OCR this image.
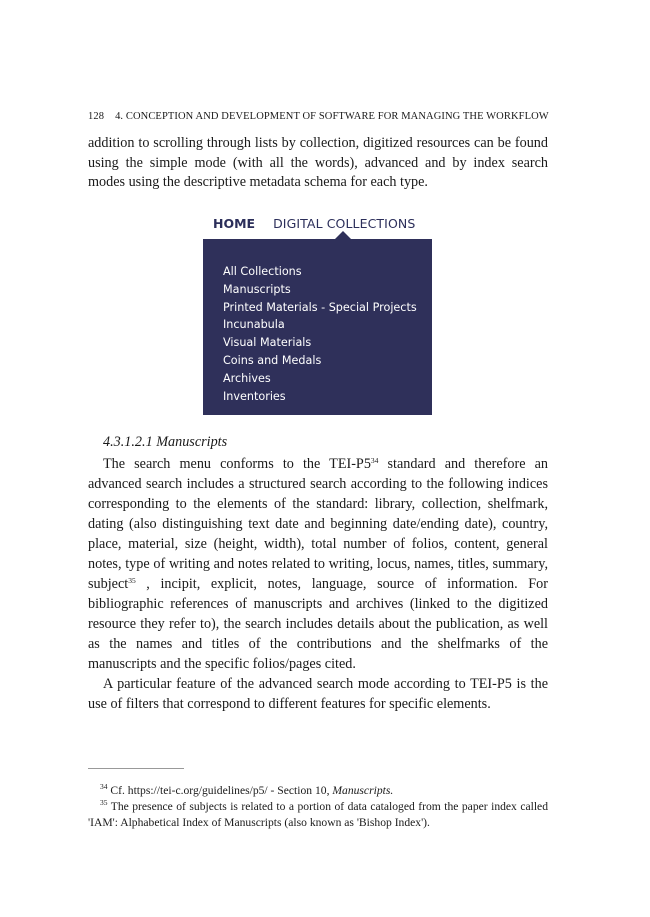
128 4. CONCEPTION AND DEVELOPMENT OF SOFTWARE FOR MANAGING THE WORKFLOW

addition to scrolling through lists by collection, digitized resources can be found using the simple mode (with all the words), advanced and by index search modes using the descriptive metadata schema for each type.

HOME DIGITAL COLLECTIONS
All Collections
Manuscripts
Printed Materials - Special Projects
Incunabula
Visual Materials
Coins and Medals
Archives
Inventories

4.3.1.2.1 Manuscripts

The search menu conforms to the TEI-$P5^{34}$ standard and therefore an advanced search includes a structured search according to the following indices corresponding to the elements of the standard: library, collection, shelfmark, dating (also distinguishing text date and beginning date/ending date), country, place, material, size (height, width), total number of folios, content, general notes, type of writing and notes related to writing, locus, names, titles, summary, subject$^{35}$ , incipit, explicit, notes, language, source of information. For bibliographic references of manuscripts and archives (linked to the digitized resource they refer to), the search includes details about the publication, as well as the names and titles of the contributions and the shelfmarks of the manuscripts and the specific folios/pages cited.

A particular feature of the advanced search mode according to TEI-P5 is the use of filters that correspond to different features for specific elements.

$^{34}$ Cf. https://tei-c.org/guidelines/p5/ - Section 10, Manuscripts.

$^{35}$ The presence of subjects is related to a portion of data cataloged from the paper index called 'IAM': Alphabetical Index of Manuscripts (also known as 'Bishop Index').
